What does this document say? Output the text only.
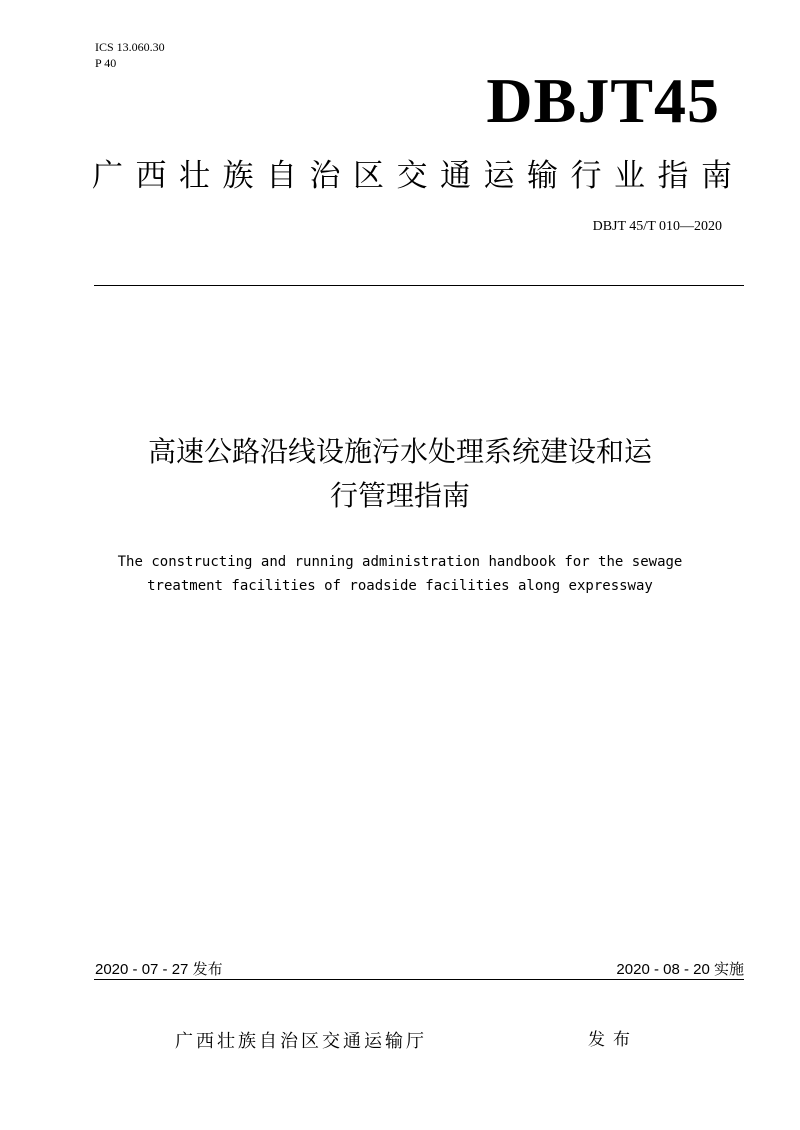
ICS 13.060.30
P 40
DBJT45
广 西 壮 族 自 治 区 交 通 运 输 行 业 指 南
DBJT 45/T 010—2020
高速公路沿线设施污水处理系统建设和运
行管理指南
The constructing and running administration handbook for the sewage
treatment facilities of roadside facilities along expressway
2020 - 07 - 27 发布	2020 - 08 - 20 实施
广西壮族自治区交通运输厅	发布
